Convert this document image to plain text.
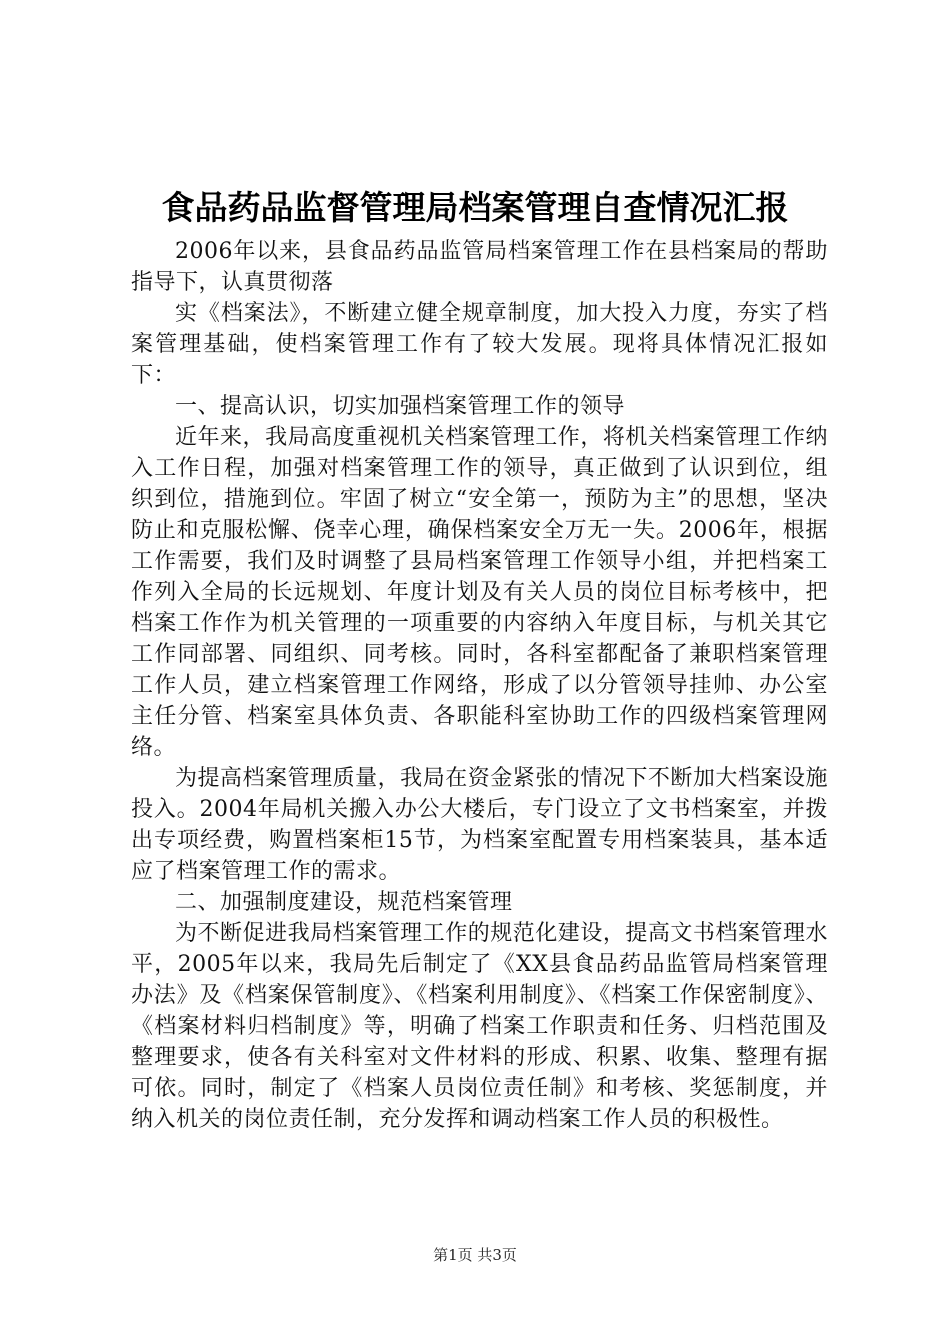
食品药品监督管理局档案管理自查情况汇报

2006年以来，县食品药品监管局档案管理工作在县档案局的帮助指导下，认真贯彻落

实《档案法》，不断建立健全规章制度，加大投入力度，夯实了档案管理基础，使档案管理工作有了较大发展。现将具体情况汇报如下：

一、提高认识，切实加强档案管理工作的领导

近年来，我局高度重视机关档案管理工作，将机关档案管理工作纳入工作日程，加强对档案管理工作的领导，真正做到了认识到位，组织到位，措施到位。牢固了树立“安全第一，预防为主”的思想，坚决防止和克服松懈、侥幸心理，确保档案安全万无一失。2006年，根据工作需要，我们及时调整了县局档案管理工作领导小组，并把档案工作列入全局的长远规划、年度计划及有关人员的岗位目标考核中，把档案工作作为机关管理的一项重要的内容纳入年度目标，与机关其它工作同部署、同组织、同考核。同时，各科室都配备了兼职档案管理工作人员，建立档案管理工作网络，形成了以分管领导挂帅、办公室主任分管、档案室具体负责、各职能科室协助工作的四级档案管理网络。

为提高档案管理质量，我局在资金紧张的情况下不断加大档案设施投入。2004年局机关搬入办公大楼后，专门设立了文书档案室，并拨出专项经费，购置档案柜15节，为档案室配置专用档案装具，基本适应了档案管理工作的需求。

二、加强制度建设，规范档案管理

为不断促进我局档案管理工作的规范化建设，提高文书档案管理水平，2005年以来，我局先后制定了《XX县食品药品监管局档案管理办法》及《档案保管制度》、《档案利用制度》、《档案工作保密制度》、《档案材料归档制度》等，明确了档案工作职责和任务、归档范围及整理要求，使各有关科室对文件材料的形成、积累、收集、整理有据可依。同时，制定了《档案人员岗位责任制》和考核、奖惩制度，并纳入机关的岗位责任制，充分发挥和调动档案工作人员的积极性。

第1页 共3页
